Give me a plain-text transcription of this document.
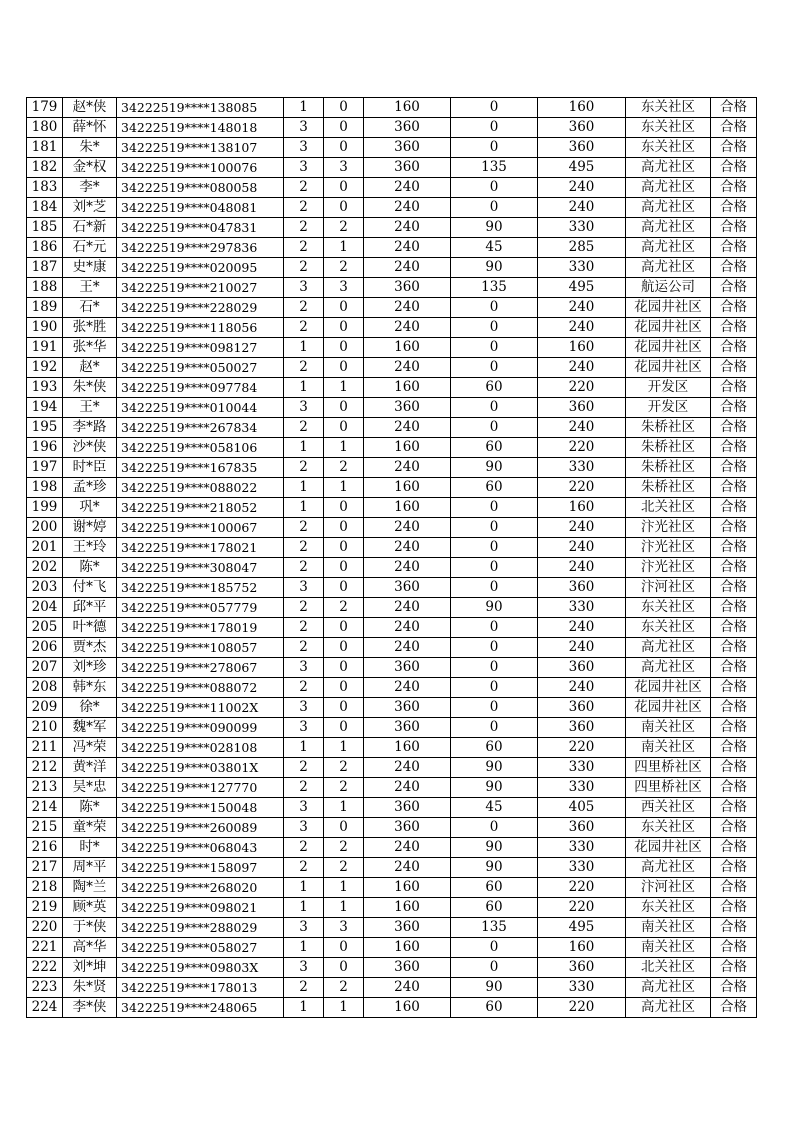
179	赵*侠	34222519****138085	1	0	160	0	160	东关社区	合格
180	薛*怀	34222519****148018	3	0	360	0	360	东关社区	合格
181	朱*	34222519****138107	3	0	360	0	360	东关社区	合格
182	金*权	34222519****100076	3	3	360	135	495	高尤社区	合格
183	李*	34222519****080058	2	0	240	0	240	高尤社区	合格
184	刘*芝	34222519****048081	2	0	240	0	240	高尤社区	合格
185	石*新	34222519****047831	2	2	240	90	330	高尤社区	合格
186	石*元	34222519****297836	2	1	240	45	285	高尤社区	合格
187	史*康	34222519****020095	2	2	240	90	330	高尤社区	合格
188	王*	34222519****210027	3	3	360	135	495	航运公司	合格
189	石*	34222519****228029	2	0	240	0	240	花园井社区	合格
190	张*胜	34222519****118056	2	0	240	0	240	花园井社区	合格
191	张*华	34222519****098127	1	0	160	0	160	花园井社区	合格
192	赵*	34222519****050027	2	0	240	0	240	花园井社区	合格
193	朱*侠	34222519****097784	1	1	160	60	220	开发区	合格
194	王*	34222519****010044	3	0	360	0	360	开发区	合格
195	李*路	34222519****267834	2	0	240	0	240	朱桥社区	合格
196	沙*侠	34222519****058106	1	1	160	60	220	朱桥社区	合格
197	时*臣	34222519****167835	2	2	240	90	330	朱桥社区	合格
198	孟*珍	34222519****088022	1	1	160	60	220	朱桥社区	合格
199	巩*	34222519****218052	1	0	160	0	160	北关社区	合格
200	谢*婷	34222519****100067	2	0	240	0	240	汴光社区	合格
201	王*玲	34222519****178021	2	0	240	0	240	汴光社区	合格
202	陈*	34222519****308047	2	0	240	0	240	汴光社区	合格
203	付*飞	34222519****185752	3	0	360	0	360	汴河社区	合格
204	邱*平	34222519****057779	2	2	240	90	330	东关社区	合格
205	叶*德	34222519****178019	2	0	240	0	240	东关社区	合格
206	贾*杰	34222519****108057	2	0	240	0	240	高尤社区	合格
207	刘*珍	34222519****278067	3	0	360	0	360	高尤社区	合格
208	韩*东	34222519****088072	2	0	240	0	240	花园井社区	合格
209	徐*	34222519****11002X	3	0	360	0	360	花园井社区	合格
210	魏*军	34222519****090099	3	0	360	0	360	南关社区	合格
211	冯*荣	34222519****028108	1	1	160	60	220	南关社区	合格
212	黄*洋	34222519****03801X	2	2	240	90	330	四里桥社区	合格
213	吴*忠	34222519****127770	2	2	240	90	330	四里桥社区	合格
214	陈*	34222519****150048	3	1	360	45	405	西关社区	合格
215	童*荣	34222519****260089	3	0	360	0	360	东关社区	合格
216	时*	34222519****068043	2	2	240	90	330	花园井社区	合格
217	周*平	34222519****158097	2	2	240	90	330	高尤社区	合格
218	陶*兰	34222519****268020	1	1	160	60	220	汴河社区	合格
219	顾*英	34222519****098021	1	1	160	60	220	东关社区	合格
220	于*侠	34222519****288029	3	3	360	135	495	南关社区	合格
221	高*华	34222519****058027	1	0	160	0	160	南关社区	合格
222	刘*坤	34222519****09803X	3	0	360	0	360	北关社区	合格
223	朱*贤	34222519****178013	2	2	240	90	330	高尤社区	合格
224	李*侠	34222519****248065	1	1	160	60	220	高尤社区	合格
